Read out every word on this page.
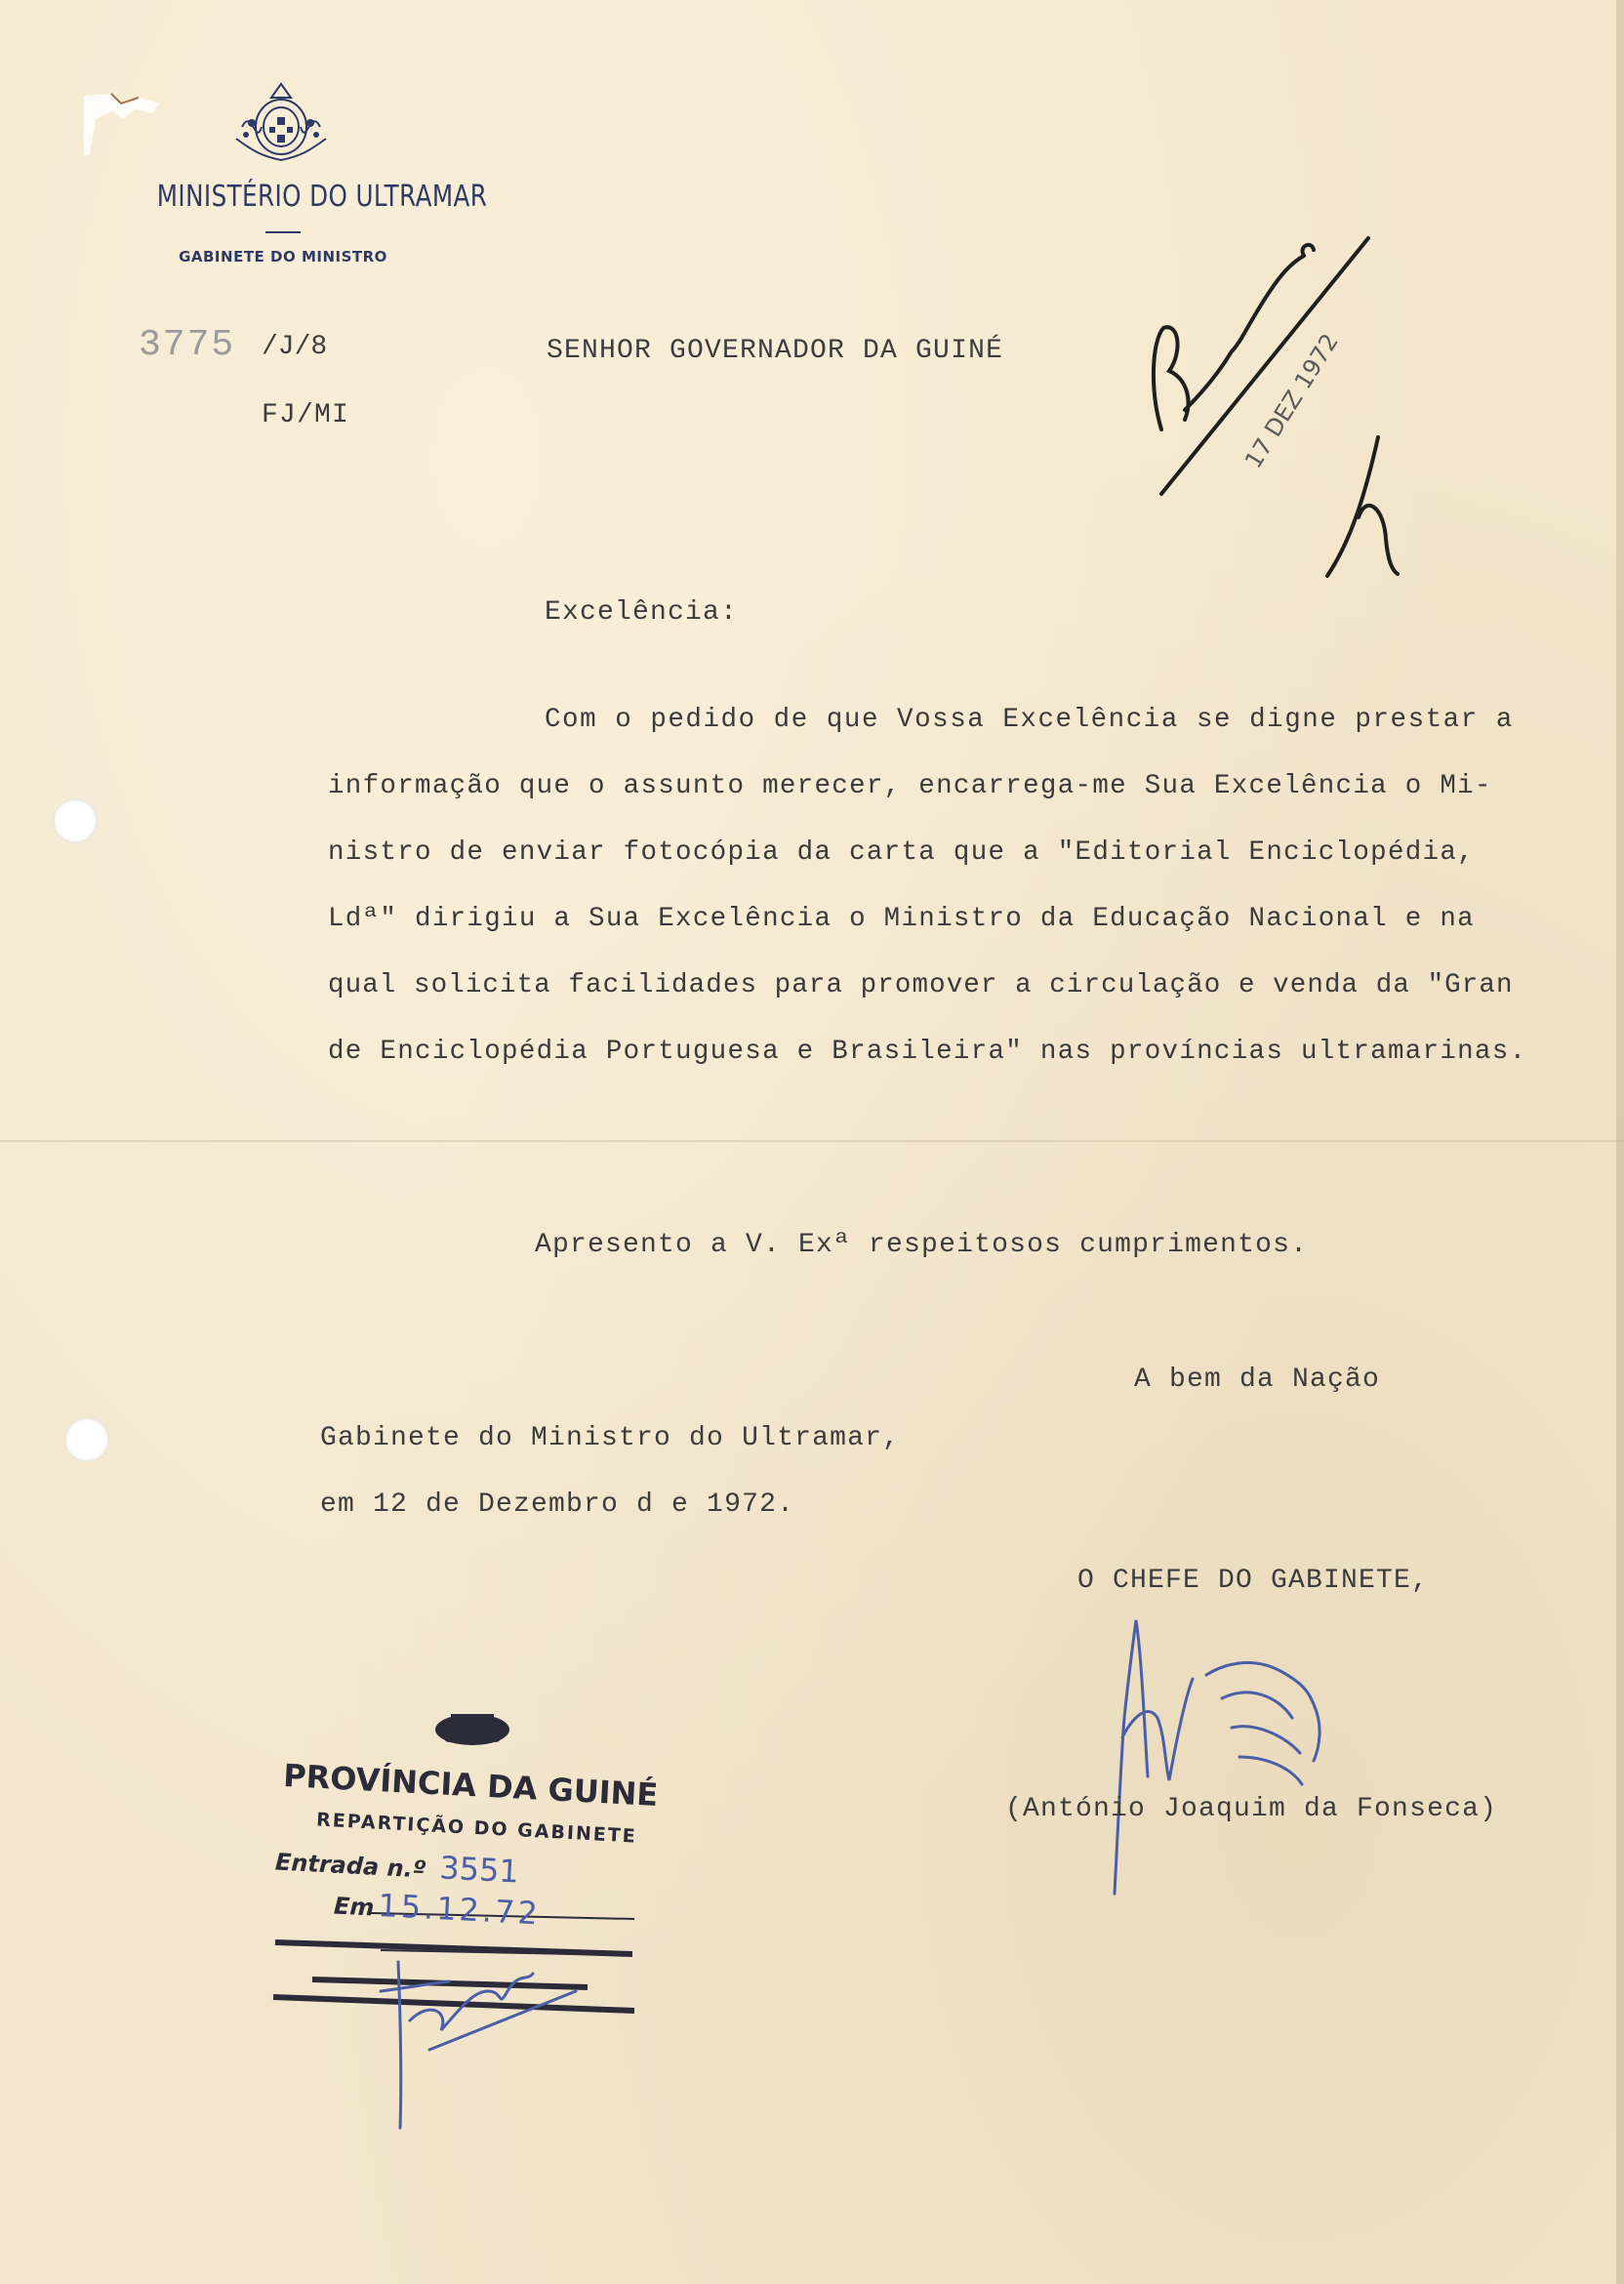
MINISTÉRIO DO ULTRAMAR
GABINETE DO MINISTRO
3775 /J/8
FJ/MI
SENHOR GOVERNADOR DA GUINÉ	17 DEZ 1972
Excelência:
Com o pedido de que Vossa Excelência se digne prestar a
informação que o assunto merecer, encarrega-me Sua Excelência o Mi-
nistro de enviar fotocópia da carta que a "Editorial Enciclopédia,
Ldª" dirigiu a Sua Excelência o Ministro da Educação Nacional e na
qual solicita facilidades para promover a circulação e venda da "Gran
de Enciclopédia Portuguesa e Brasileira" nas províncias ultramarinas.
Apresento a V. Exª respeitosos cumprimentos.
A bem da Nação
Gabinete do Ministro do Ultramar,
em 12 de Dezembro d e 1972.
O CHEFE DO GABINETE,
(António Joaquim da Fonseca)
PROVÍNCIA DA GUINÉ
REPARTIÇÃO DO GABINETE
Entrada n.º 3551
Em15.12.72
